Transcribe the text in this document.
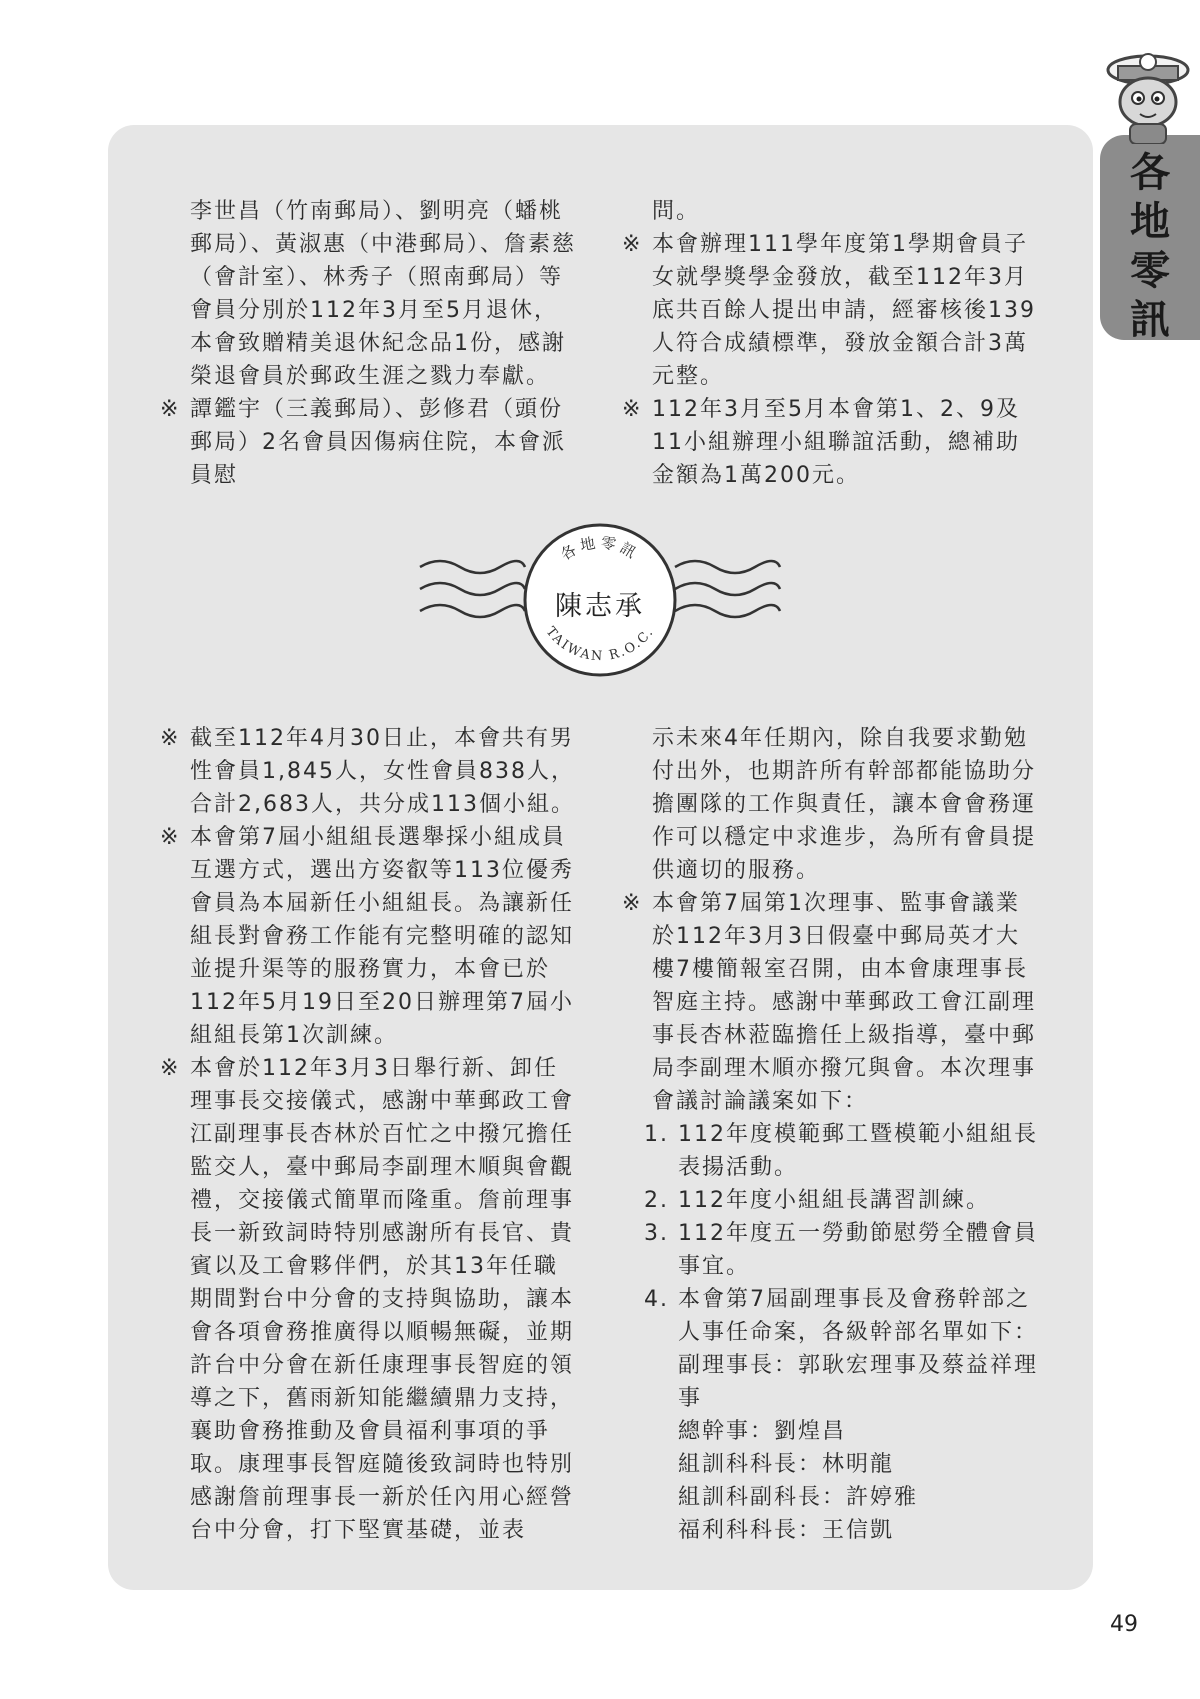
各地零訊

李世昌（竹南郵局）、劉明亮（蟠桃郵局）、黃淑惠（中港郵局）、詹素慈（會計室）、林秀子（照南郵局）等會員分別於112年3月至5月退休，本會致贈精美退休紀念品1份，感謝榮退會員於郵政生涯之戮力奉獻。

※ 譚鑑宇（三義郵局）、彭修君（頭份郵局）2名會員因傷病住院，本會派員慰

問。

※ 本會辦理111學年度第1學期會員子女就學獎學金發放，截至112年3月底共百餘人提出申請，經審核後139人符合成績標準，發放金額合計3萬元整。

※ 112年3月至5月本會第1、2、9及11小組辦理小組聯誼活動，總補助金額為1萬200元。

各地零訊
陳志承
TAIWAN R.O.C.

※ 截至112年4月30日止，本會共有男性會員1,845人，女性會員838人，合計2,683人，共分成113個小組。

※ 本會第7屆小組組長選舉採小組成員互選方式，選出方姿叡等113位優秀會員為本屆新任小組組長。為讓新任組長對會務工作能有完整明確的認知並提升渠等的服務實力，本會已於112年5月19日至20日辦理第7屆小組組長第1次訓練。

※ 本會於112年3月3日舉行新、卸任理事長交接儀式，感謝中華郵政工會江副理事長杏林於百忙之中撥冗擔任監交人，臺中郵局李副理木順與會觀禮，交接儀式簡單而隆重。詹前理事長一新致詞時特別感謝所有長官、貴賓以及工會夥伴們，於其13年任職期間對台中分會的支持與協助，讓本會各項會務推廣得以順暢無礙，並期許台中分會在新任康理事長智庭的領導之下，舊雨新知能繼續鼎力支持，襄助會務推動及會員福利事項的爭取。康理事長智庭隨後致詞時也特別感謝詹前理事長一新於任內用心經營台中分會，打下堅實基礎，並表

示未來4年任期內，除自我要求勤勉付出外，也期許所有幹部都能協助分擔團隊的工作與責任，讓本會會務運作可以穩定中求進步，為所有會員提供適切的服務。

※ 本會第7屆第1次理事、監事會議業於112年3月3日假臺中郵局英才大樓7樓簡報室召開，由本會康理事長智庭主持。感謝中華郵政工會江副理事長杏林蒞臨擔任上級指導，臺中郵局李副理木順亦撥冗與會。本次理事會議討論議案如下：

1. 112年度模範郵工暨模範小組組長表揚活動。

2. 112年度小組組長講習訓練。

3. 112年度五一勞動節慰勞全體會員事宜。

4. 本會第7屆副理事長及會務幹部之人事任命案，各級幹部名單如下：

副理事長：郭耿宏理事及蔡益祥理事

總幹事：劉煌昌

組訓科科長：林明龍

組訓科副科長：許婷雅

福利科科長：王信凱

49
